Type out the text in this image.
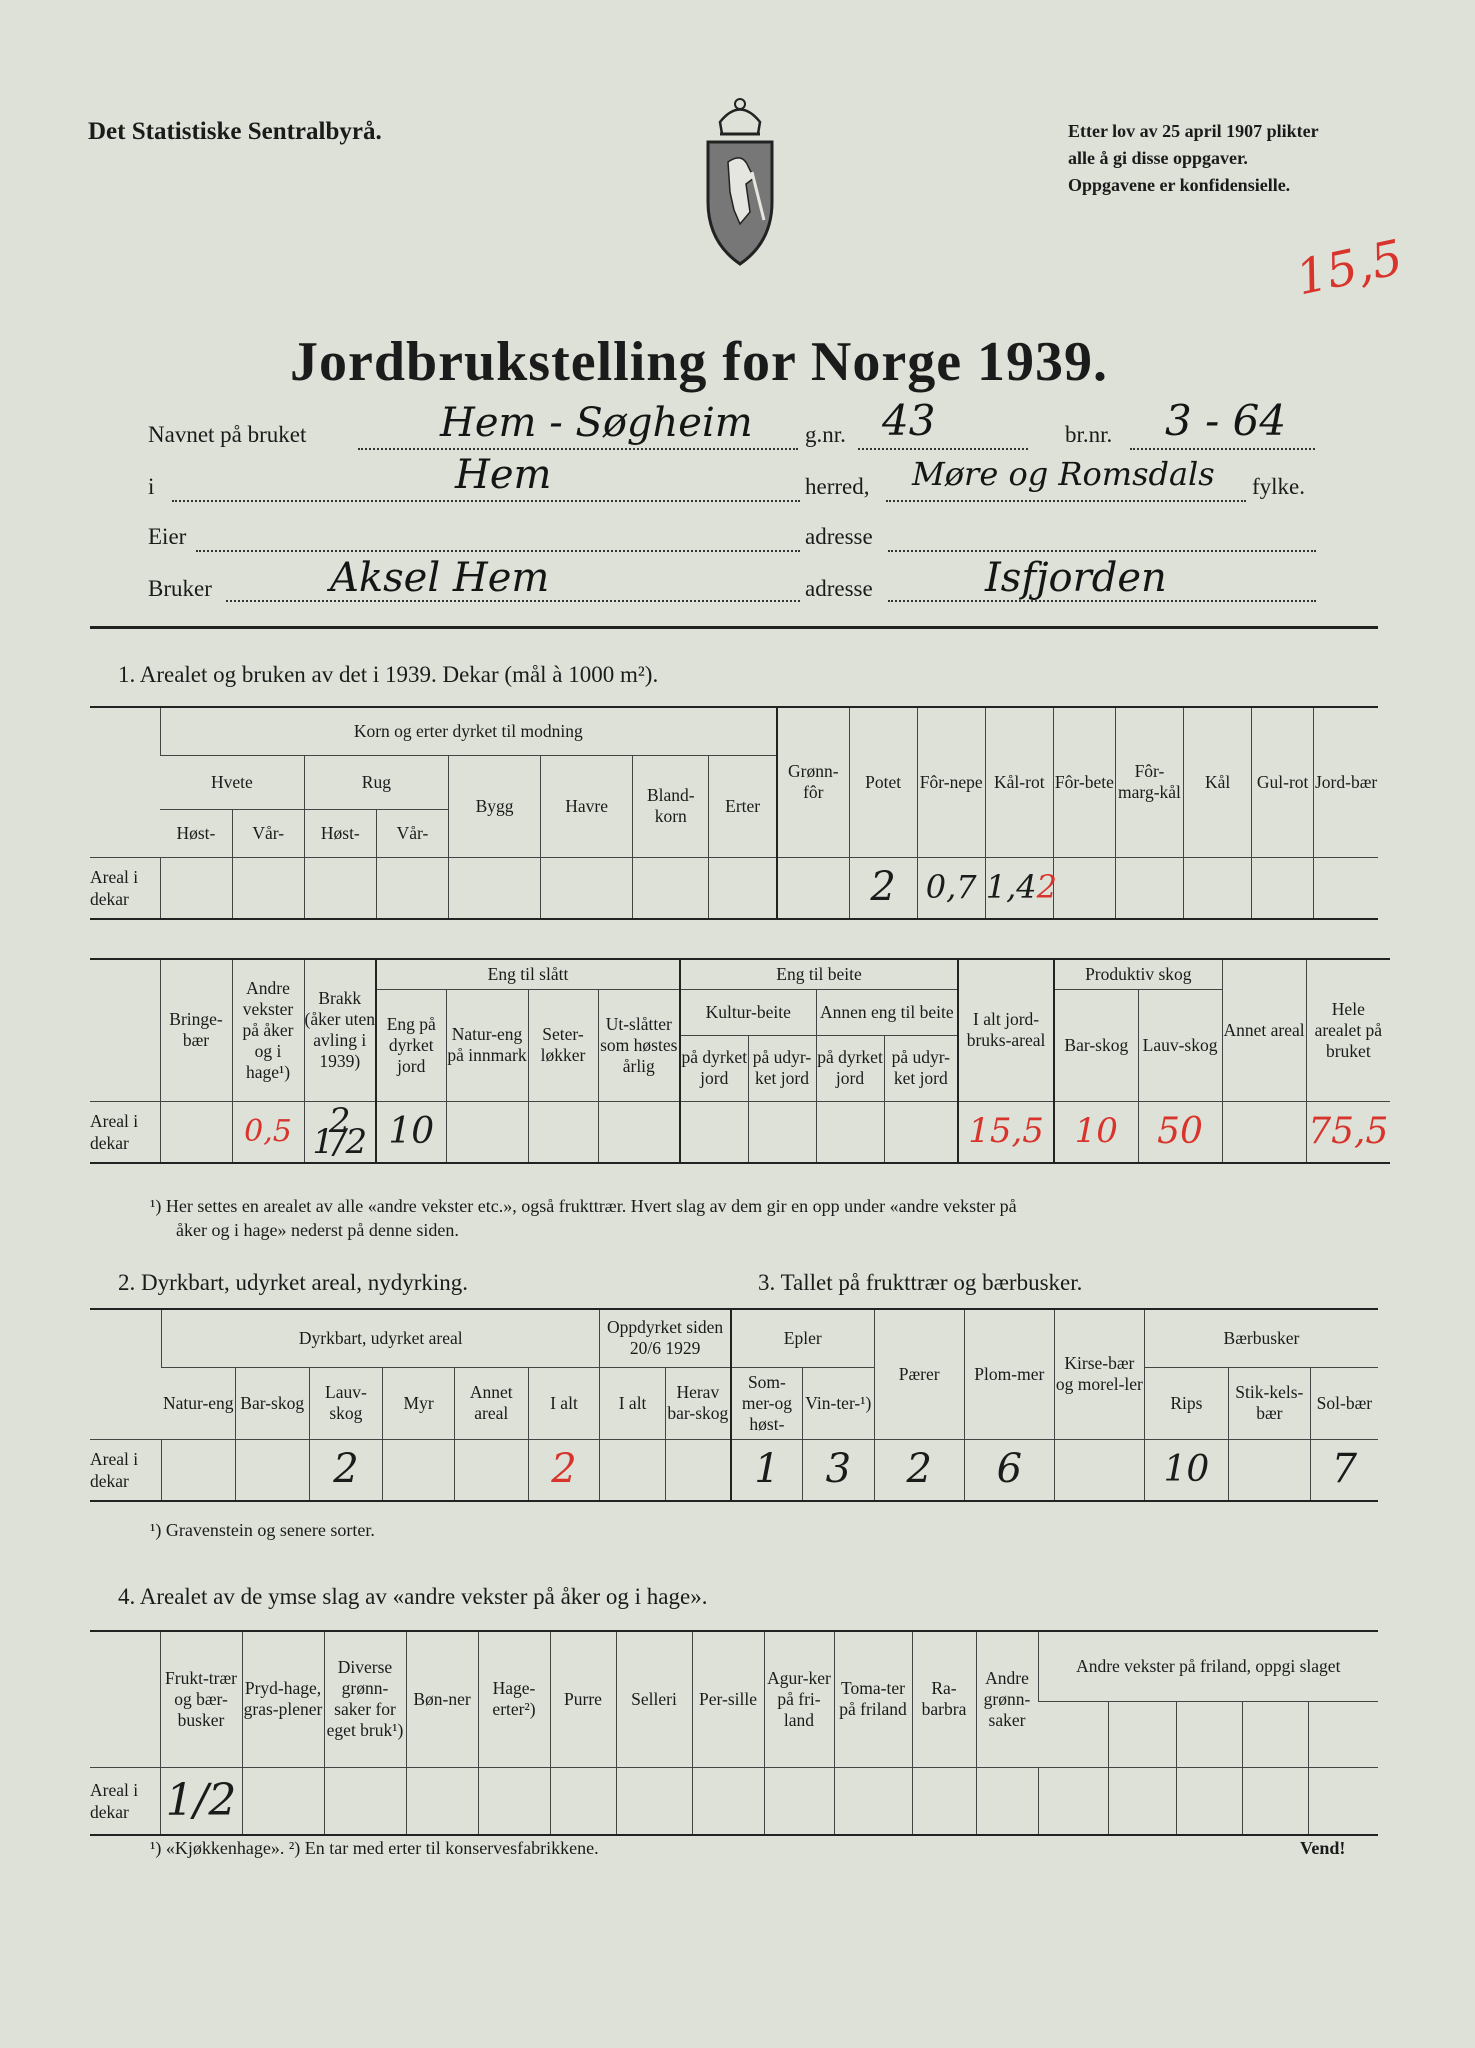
Det Statistiske Sentralbyrå.	Etter lov av 25 april 1907 plikter
alle å gi disse oppgaver.
Oppgavene er konfidensielle.
15,5
Jordbrukstelling for Norge 1939.
Navnet på bruket	Hem - Søgheim g.nr. 43	br.nr. 3 - 64
i	Hem	herred, Møre og Romsdals fylke.
Eier	adresse
Bruker	Aksel Hem	adresse	Isfjorden
1. Arealet og bruken av det i 1939. Dekar (mål à 1000 m²).
	Korn og erter dyrket til modning								Grønn-fôr	Potet	Fôr-nepe	Kål-rot	Fôr-bete	Fôr-marg-kål	Kål	Gul-rot	Jord-bær
	Hvete		Rug		Bygg	Havre	Bland-korn	Erter									
	Høst-	Vår-	Høst-	Vår-													
Areal i dekar										2	0,7	1,42					
	Bringe-bær	Andre vekster på åker og i hage¹)	Brakk (åker uten avling i 1939)	Eng til slått				Eng til beite				I alt jord-bruks-areal	Produktiv skog		Annet areal	Hele arealet på bruket
				Eng på dyrket jord	Natur-eng på innmark	Seter-løkker	Ut-slåtter som høstes årlig	Kultur-beite		Annen eng til beite			Bar-skog	Lauv-skog		
								på dyrket jord	på udyr-ket jord	på dyrket jord	på udyr-ket jord					
Areal i dekar		0,5	2 1/2	10								15,5	10	50		75,5
¹) Her settes en arealet av alle «andre vekster etc.», også frukttrær. Hvert slag av dem gir en opp under «andre vekster på
åker og i hage» nederst på denne siden.
2. Dyrkbart, udyrket areal, nydyrking.	3. Tallet på frukttrær og bærbusker.
	Dyrkbart, udyrket areal						Oppdyrket siden 20/6 1929		Epler		Pærer	Plom-mer	Kirse-bær og morel-ler	Bærbusker		
	Natur-eng	Bar-skog	Lauv-skog	Myr	Annet areal	I alt	I alt	Herav bar-skog	Som-mer-og høst-	Vin-ter-¹)				Rips	Stik-kels-bær	Sol-bær
Areal i dekar			2			2			1	3	2	6		10		7
¹) Gravenstein og senere sorter.
4. Arealet av de ymse slag av «andre vekster på åker og i hage».
	Frukt-trær og bær-busker	Pryd-hage, gras-plener	Diverse grønn-saker for eget bruk¹)	Bøn-ner	Hage-erter²)	Purre	Selleri	Per-sille	Agur-ker på fri-land	Toma-ter på friland	Ra-barbra	Andre grønn-saker	Andre vekster på friland, oppgi slaget				

Areal i dekar	1/2																
¹) «Kjøkkenhage». ²) En tar med erter til konservesfabrikkene.	Vend!
